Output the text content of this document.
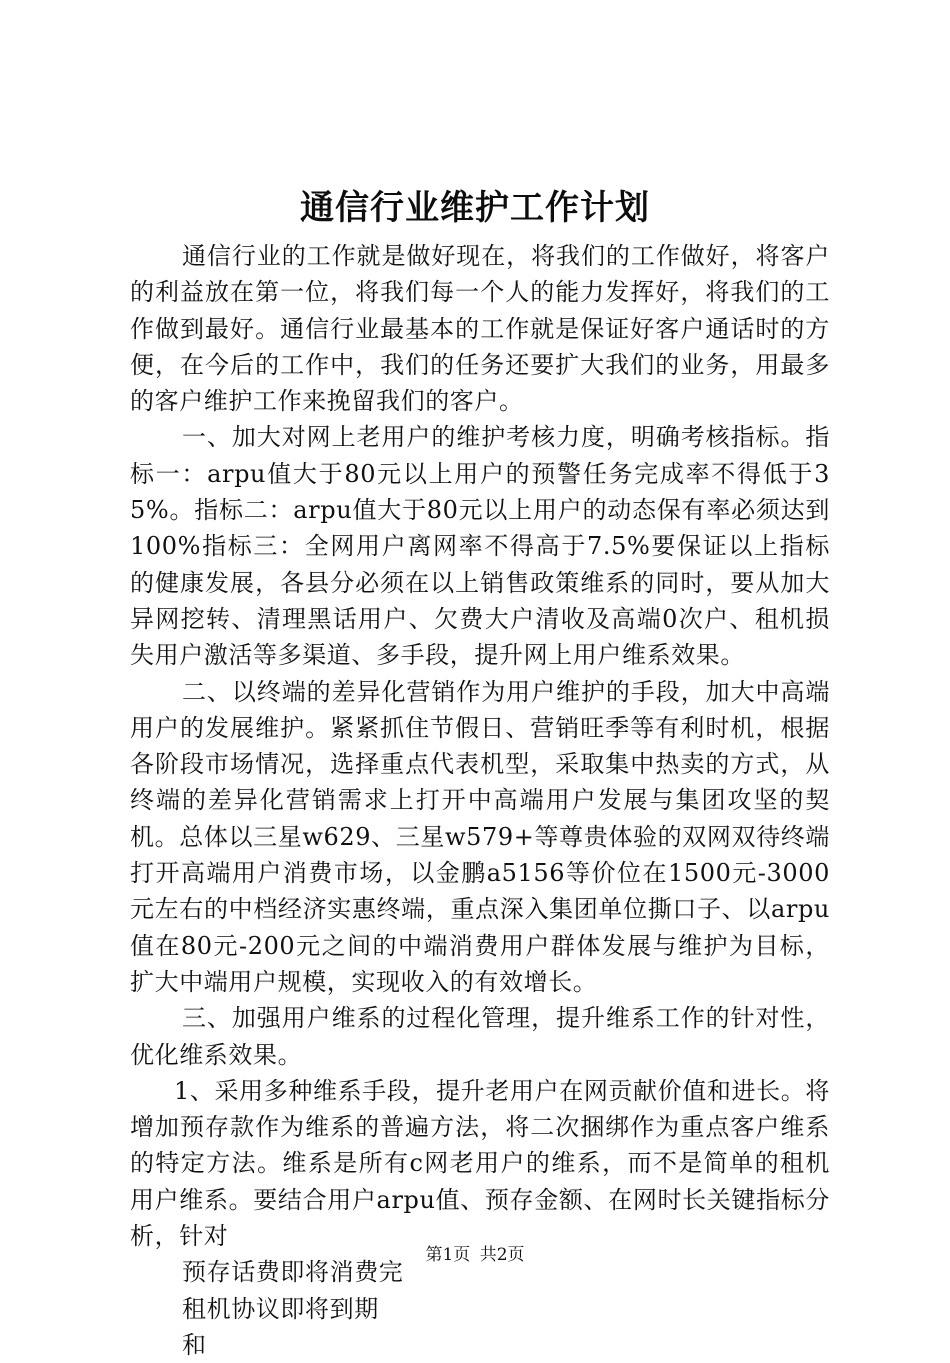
通信行业维护工作计划

通信行业的工作就是做好现在，将我们的工作做好，将客户的利益放在第一位，将我们每一个人的能力发挥好，将我们的工作做到最好。通信行业最基本的工作就是保证好客户通话时的方便，在今后的工作中，我们的任务还要扩大我们的业务，用最多的客户维护工作来挽留我们的客户。

一、加大对网上老用户的维护考核力度，明确考核指标。指标一：arpu值大于80元以上用户的预警任务完成率不得低于35%。指标二：arpu值大于80元以上用户的动态保有率必须达到100%指标三：全网用户离网率不得高于7.5%要保证以上指标的健康发展，各县分必须在以上销售政策维系的同时，要从加大异网挖转、清理黑话用户、欠费大户清收及高端0次户、租机损失用户激活等多渠道、多手段，提升网上用户维系效果。

二、以终端的差异化营销作为用户维护的手段，加大中高端用户的发展维护。紧紧抓住节假日、营销旺季等有利时机，根据各阶段市场情况，选择重点代表机型，采取集中热卖的方式，从终端的差异化营销需求上打开中高端用户发展与集团攻坚的契机。总体以三星w629、三星w579+等尊贵体验的双网双待终端打开高端用户消费市场，以金鹏a5156等价位在1500元-3000元左右的中档经济实惠终端，重点深入集团单位撕口子、以arpu值在80元-200元之间的中端消费用户群体发展与维护为目标，扩大中端用户规模，实现收入的有效增长。

三、加强用户维系的过程化管理，提升维系工作的针对性，优化维系效果。

1、采用多种维系手段，提升老用户在网贡献价值和进长。将增加预存款作为维系的普遍方法，将二次捆绑作为重点客户维系的特定方法。维系是所有c网老用户的维系，而不是简单的租机用户维系。要结合用户arpu值、预存金额、在网时长关键指标分析，针对

预存话费即将消费完

租机协议即将到期

和

第1页 共2页
